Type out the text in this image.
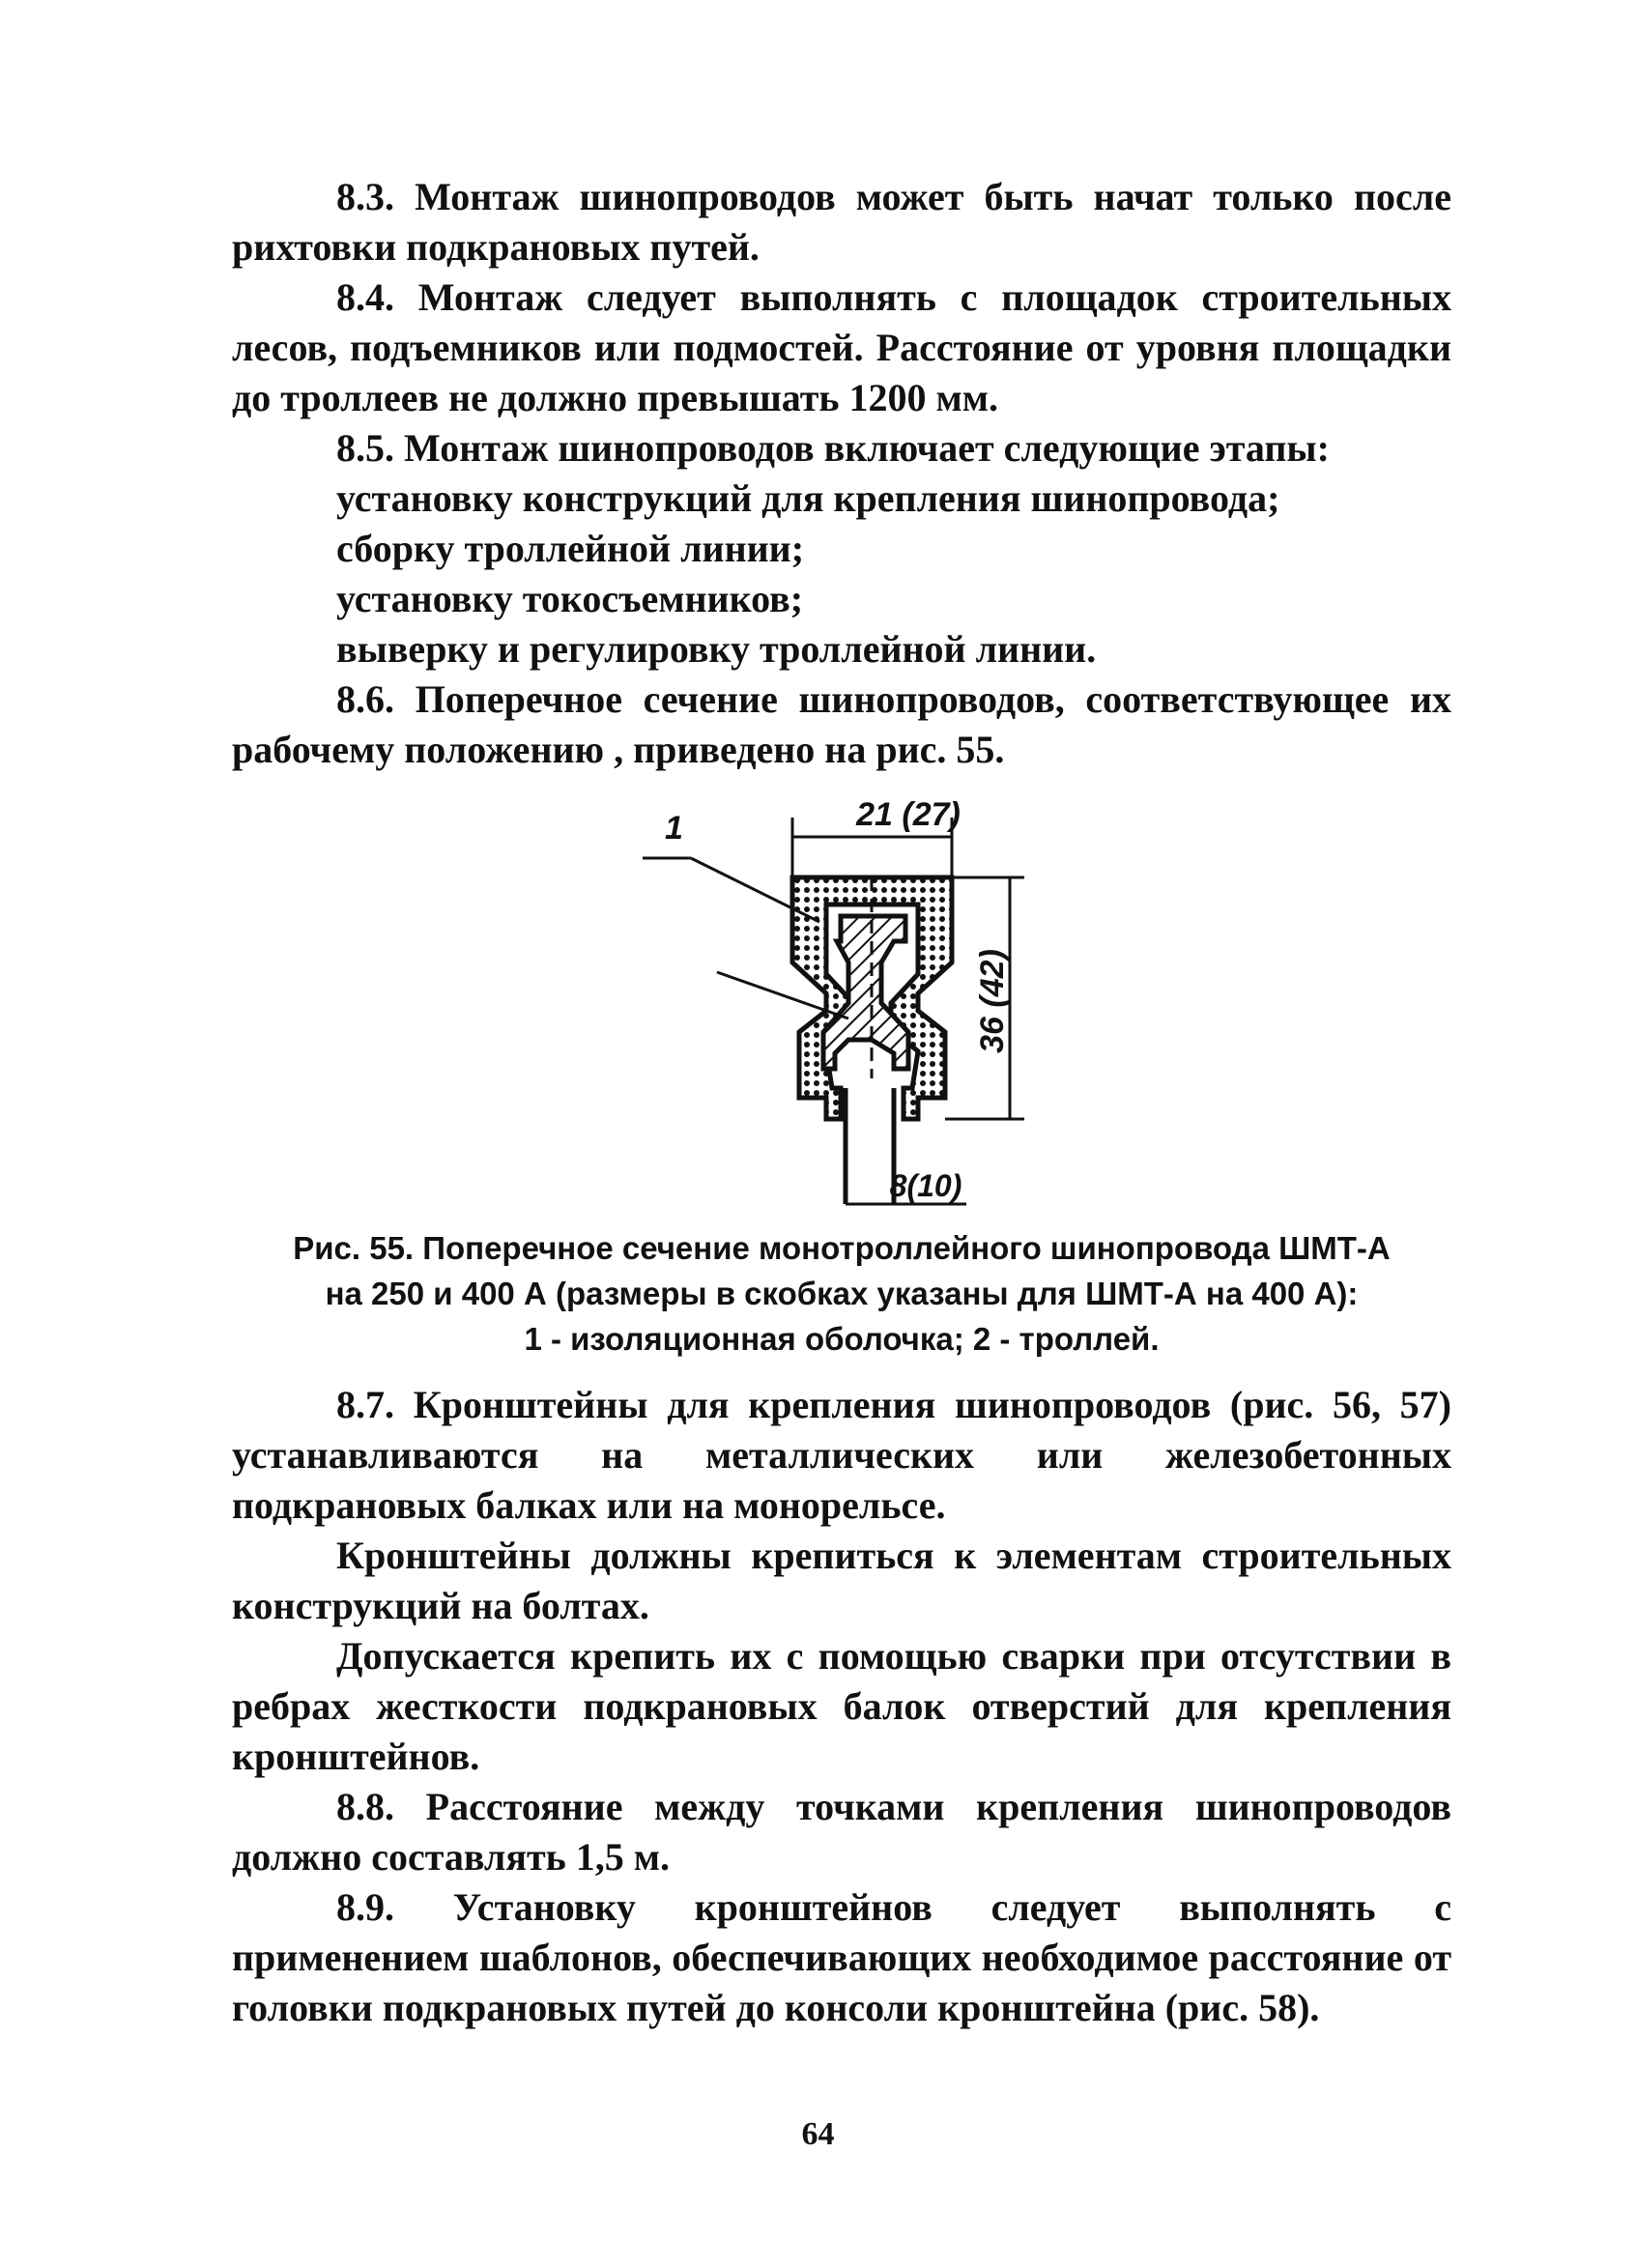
8.3. Монтаж шинопроводов может быть начат только после рихтовки подкрановых путей.

8.4. Монтаж следует выполнять с площадок строительных лесов, подъемников или подмостей. Расстояние от уровня площадки до троллеев не должно превышать 1200 мм.

8.5. Монтаж шинопроводов включает следующие этапы:

установку конструкций для крепления шинопровода;

сборку троллейной линии;

установку токосъемников;

выверку и регулировку троллейной линии.

8.6. Поперечное сечение шинопроводов, соответствующее их рабочему положению , приведено на рис. 55.

21 (27)
36 (42)
8(10)
1
Рис. 55. Поперечное сечение монотроллейного шинопровода ШМТ-А
на 250 и 400 А (размеры в скобках указаны для ШМТ-А на 400 А):
1 - изоляционная оболочка; 2 - троллей.

8.7. Кронштейны для крепления шинопроводов (рис. 56, 57) устанавливаются на металлических или железобетонных подкрановых балках или на монорельсе.

Кронштейны должны крепиться к элементам строительных конструкций на болтах.

Допускается крепить их с помощью сварки при отсутствии в ребрах жесткости подкрановых балок отверстий для крепления кронштейнов.

8.8. Расстояние между точками крепления шинопроводов должно составлять 1,5 м.

8.9. Установку кронштейнов следует выполнять с применением шаблонов, обеспечивающих необходимое расстояние от головки подкрановых путей до консоли кронштейна (рис. 58).

64
